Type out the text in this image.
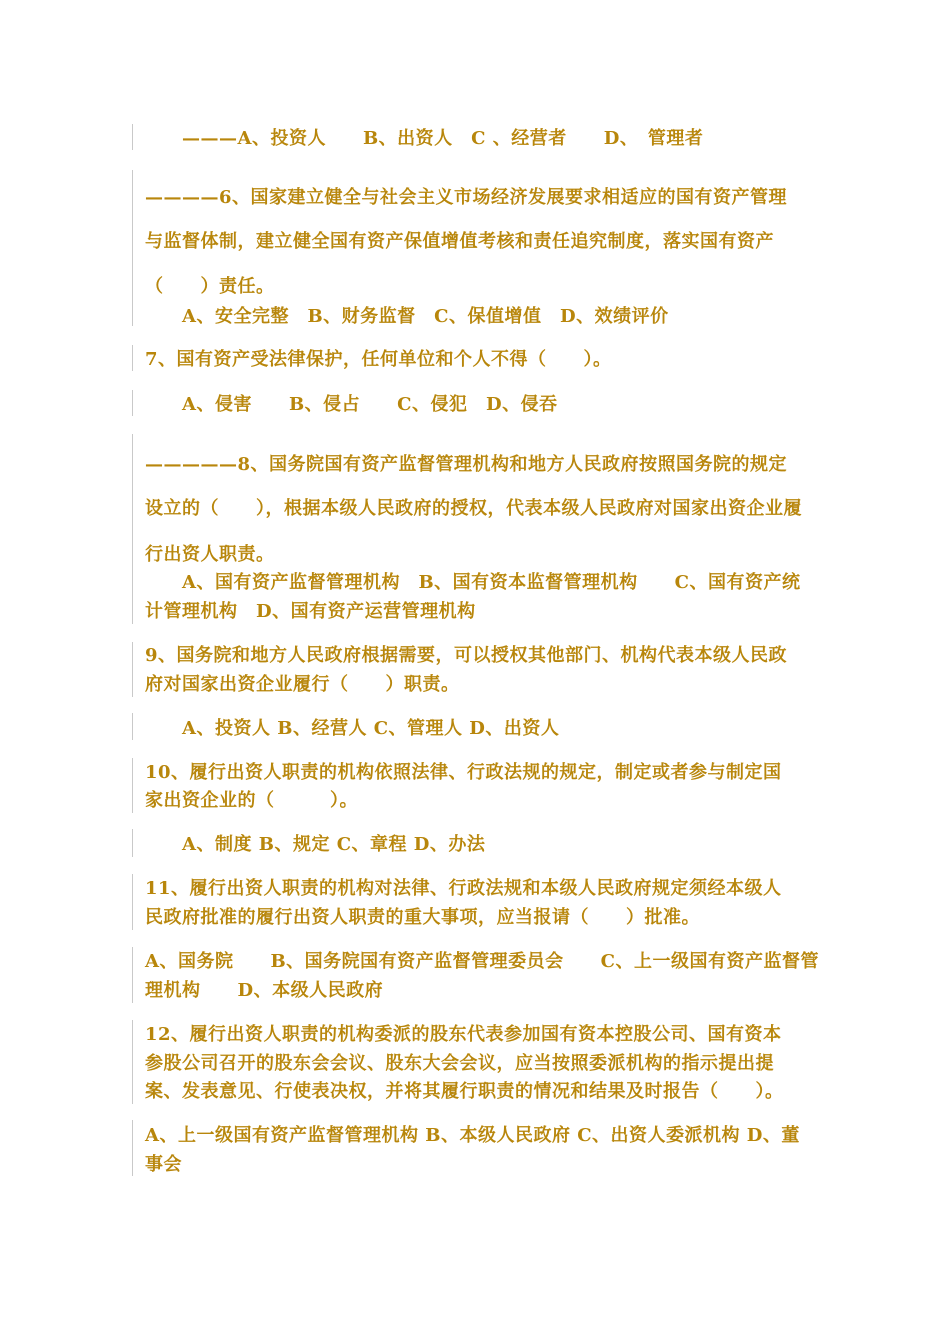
———A、投资人　　B、出资人　C 、经营者　　D、　管理者
————6、国家建立健全与社会主义市场经济发展要求相适应的国有资产管理
与监督体制，建立健全国有资产保值增值考核和责任追究制度，落实国有资产
（　　）责任。
A、安全完整　B、财务监督　C、保值增值　D、效绩评价
7、国有资产受法律保护，任何单位和个人不得（　　）。
A、侵害　　B、侵占　　C、侵犯　D、侵吞
—————8、国务院国有资产监督管理机构和地方人民政府按照国务院的规定
设立的（　　），根据本级人民政府的授权，代表本级人民政府对国家出资企业履
行出资人职责。
A、国有资产监督管理机构　B、国有资本监督管理机构　　C、国有资产统
计管理机构　D、国有资产运营管理机构
9、国务院和地方人民政府根据需要，可以授权其他部门、机构代表本级人民政
府对国家出资企业履行（　　）职责。
A、投资人 B、经营人 C、管理人 D、出资人
10、履行出资人职责的机构依照法律、行政法规的规定，制定或者参与制定国
家出资企业的（　　　）。
A、制度 B、规定 C、章程 D、办法
11、履行出资人职责的机构对法律、行政法规和本级人民政府规定须经本级人
民政府批准的履行出资人职责的重大事项，应当报请（　　）批准。
A、国务院　　B、国务院国有资产监督管理委员会　　C、上一级国有资产监督管
理机构　　D、本级人民政府
12、履行出资人职责的机构委派的股东代表参加国有资本控股公司、国有资本
参股公司召开的股东会会议、股东大会会议，应当按照委派机构的指示提出提
案、发表意见、行使表决权，并将其履行职责的情况和结果及时报告（　　）。
A、上一级国有资产监督管理机构 B、本级人民政府 C、出资人委派机构 D、董
事会
